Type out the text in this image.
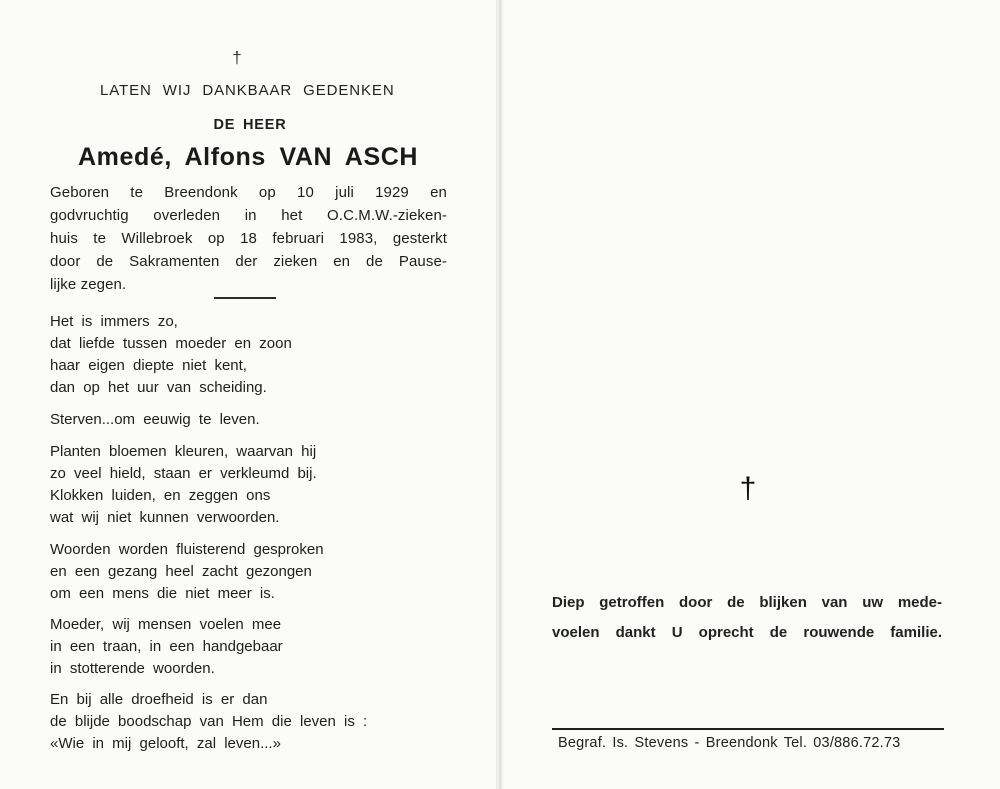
†
LATEN WIJ DANKBAAR GEDENKEN
DE HEER
Amedé, Alfons VAN ASCH
Geboren te Breendonk op 10 juli 1929 en
godvruchtig overleden in het O.C.M.W.-zieken-
huis te Willebroek op 18 februari 1983, gesterkt
door de Sakramenten der zieken en de Pause-
lijke zegen.
Het is immers zo,
dat liefde tussen moeder en zoon
haar eigen diepte niet kent,
dan op het uur van scheiding.
Sterven...om eeuwig te leven.
Planten bloemen kleuren, waarvan hij
zo veel hield, staan er verkleumd bij.
Klokken luiden, en zeggen ons
wat wij niet kunnen verwoorden.
Woorden worden fluisterend gesproken
en een gezang heel zacht gezongen
om een mens die niet meer is.
Moeder, wij mensen voelen mee
in een traan, in een handgebaar
in stotterende woorden.
En bij alle droefheid is er dan
de blijde boodschap van Hem die leven is :
«Wie in mij gelooft, zal leven...»
†
Diep getroffen door de blijken van uw mede-
voelen dankt U oprecht de rouwende familie.
Begraf. Is. Stevens - Breendonk Tel. 03/886.72.73
